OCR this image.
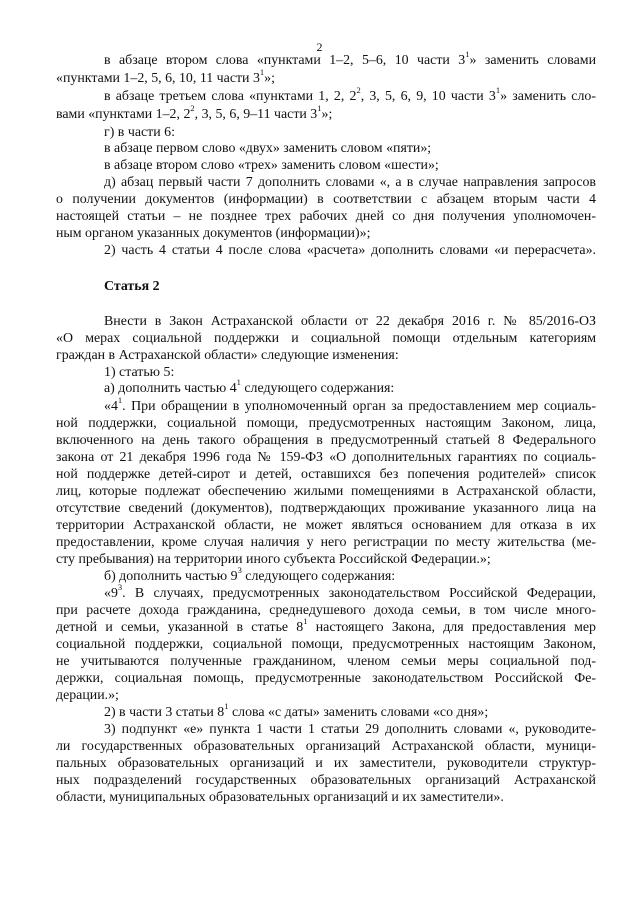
2
в абзаце втором слова «пунктами 1–2, 5–6, 10 части $3^1$» заменить словами
«пунктами 1–2, 5, 6, 10, 11 части $3^1$»;
в абзаце третьем слова «пунктами 1, 2, $2^2$, 3, 5, 6, 9, 10 части $3^1$» заменить сло-
вами «пунктами 1–2, $2^2$, 3, 5, 6, 9–11 части $3^1$»;
г) в части 6:
в абзаце первом слово «двух» заменить словом «пяти»;
в абзаце втором слово «трех» заменить словом «шести»;
д) абзац первый части 7 дополнить словами «, а в случае направления запросов
о получении документов (информации) в соответствии с абзацем вторым части 4
настоящей статьи – не позднее трех рабочих дней со дня получения уполномочен-
ным органом указанных документов (информации)»;
2) часть 4 статьи 4 после слова «расчета» дополнить словами «и перерасчета».
Статья 2
Внести в Закон Астраханской области от 22 декабря 2016 г. № 85/2016-ОЗ
«О мерах социальной поддержки и социальной помощи отдельным категориям
граждан в Астраханской области» следующие изменения:
1) статью 5:
а) дополнить частью $4^1$ следующего содержания:
«$4^1$. При обращении в уполномоченный орган за предоставлением мер социаль-
ной поддержки, социальной помощи, предусмотренных настоящим Законом, лица,
включенного на день такого обращения в предусмотренный статьей 8 Федерального
закона от 21 декабря 1996 года № 159-ФЗ «О дополнительных гарантиях по социаль-
ной поддержке детей-сирот и детей, оставшихся без попечения родителей» список
лиц, которые подлежат обеспечению жилыми помещениями в Астраханской области,
отсутствие сведений (документов), подтверждающих проживание указанного лица на
территории Астраханской области, не может являться основанием для отказа в их
предоставлении, кроме случая наличия у него регистрации по месту жительства (ме-
сту пребывания) на территории иного субъекта Российской Федерации.»;
б) дополнить частью $9^3$ следующего содержания:
«$9^3$. В случаях, предусмотренных законодательством Российской Федерации,
при расчете дохода гражданина, среднедушевого дохода семьи, в том числе много-
детной и семьи, указанной в статье $8^1$ настоящего Закона, для предоставления мер
социальной поддержки, социальной помощи, предусмотренных настоящим Законом,
не учитываются полученные гражданином, членом семьи меры социальной под-
держки, социальная помощь, предусмотренные законодательством Российской Фе-
дерации.»;
2) в части 3 статьи $8^1$ слова «с даты» заменить словами «со дня»;
3) подпункт «е» пункта 1 части 1 статьи 29 дополнить словами «, руководите-
ли государственных образовательных организаций Астраханской области, муници-
пальных образовательных организаций и их заместители, руководители структур-
ных подразделений государственных образовательных организаций Астраханской
области, муниципальных образовательных организаций и их заместители».
